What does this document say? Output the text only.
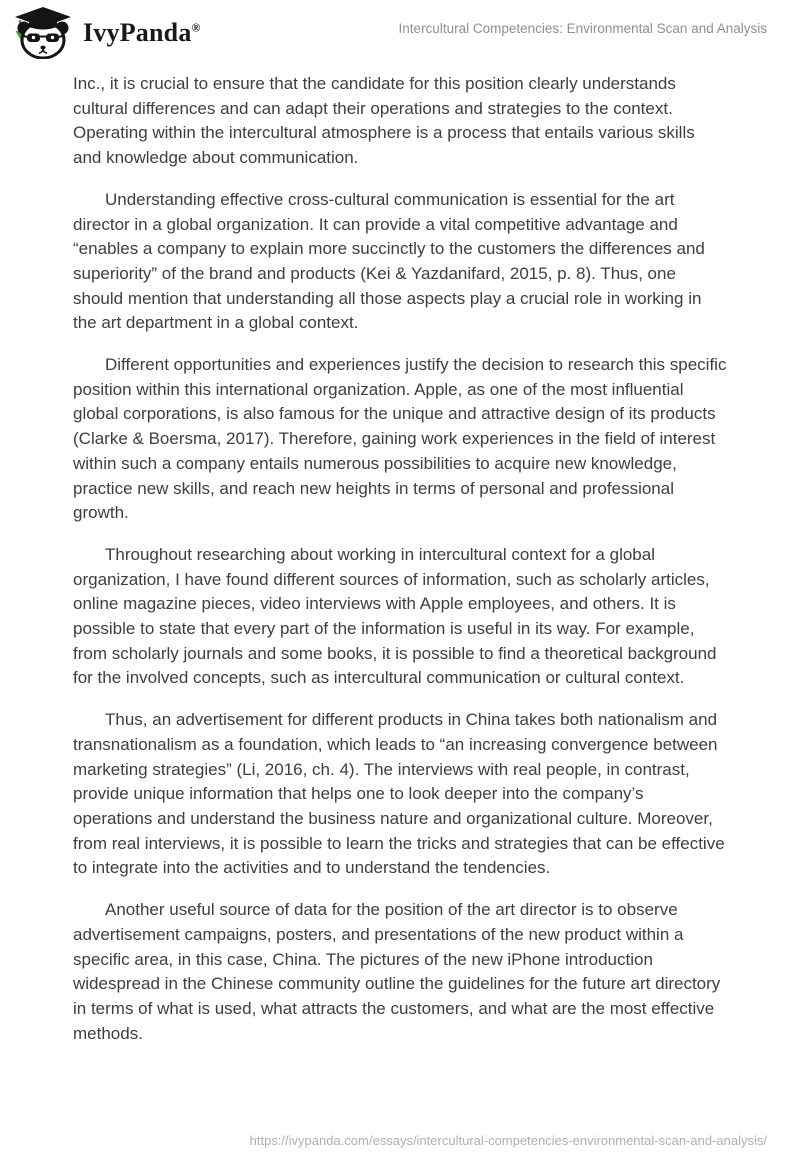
IvyPanda®	Intercultural Competencies: Environmental Scan and Analysis

Inc., it is crucial to ensure that the candidate for this position clearly understands cultural differences and can adapt their operations and strategies to the context. Operating within the intercultural atmosphere is a process that entails various skills and knowledge about communication.

Understanding effective cross-cultural communication is essential for the art director in a global organization. It can provide a vital competitive advantage and “enables a company to explain more succinctly to the customers the differences and superiority” of the brand and products (Kei & Yazdanifard, 2015, p. 8). Thus, one should mention that understanding all those aspects play a crucial role in working in the art department in a global context.

Different opportunities and experiences justify the decision to research this specific position within this international organization. Apple, as one of the most influential global corporations, is also famous for the unique and attractive design of its products (Clarke & Boersma, 2017). Therefore, gaining work experiences in the field of interest within such a company entails numerous possibilities to acquire new knowledge, practice new skills, and reach new heights in terms of personal and professional growth.

Throughout researching about working in intercultural context for a global organization, I have found different sources of information, such as scholarly articles, online magazine pieces, video interviews with Apple employees, and others. It is possible to state that every part of the information is useful in its way. For example, from scholarly journals and some books, it is possible to find a theoretical background for the involved concepts, such as intercultural communication or cultural context.

Thus, an advertisement for different products in China takes both nationalism and transnationalism as a foundation, which leads to “an increasing convergence between marketing strategies” (Li, 2016, ch. 4). The interviews with real people, in contrast, provide unique information that helps one to look deeper into the company’s operations and understand the business nature and organizational culture. Moreover, from real interviews, it is possible to learn the tricks and strategies that can be effective to integrate into the activities and to understand the tendencies.

Another useful source of data for the position of the art director is to observe advertisement campaigns, posters, and presentations of the new product within a specific area, in this case, China. The pictures of the new iPhone introduction widespread in the Chinese community outline the guidelines for the future art directory in terms of what is used, what attracts the customers, and what are the most effective methods.

https://ivypanda.com/essays/intercultural-competencies-environmental-scan-and-analysis/
